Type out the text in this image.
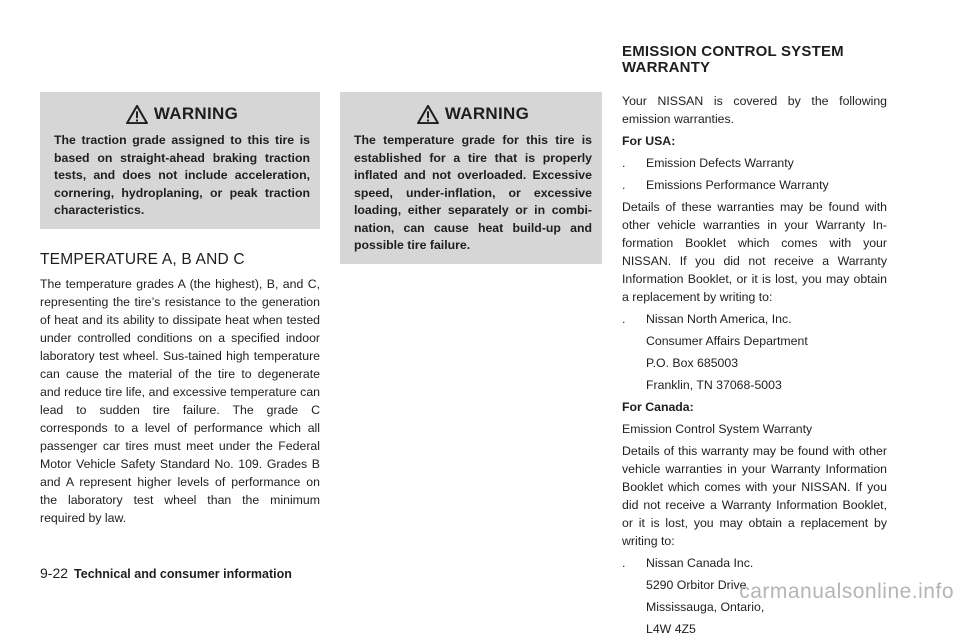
WARNING
The traction grade assigned to this tire is based on straight-ahead braking traction tests, and does not include acceleration, cornering, hydroplaning, or peak traction characteristics.
TEMPERATURE A, B AND C

The temperature grades A (the highest), B, and C, representing the tire’s resistance to the generation of heat and its ability to dissipate heat when tested under controlled conditions on a specified indoor laboratory test wheel. Sus-tained high temperature can cause the material of the tire to degenerate and reduce tire life, and excessive temperature can lead to sudden tire failure. The grade C corresponds to a level of performance which all passenger car tires must meet under the Federal Motor Vehicle Safety Standard No. 109. Grades B and A represent higher levels of performance on the laboratory test wheel than the minimum required by law.

WARNING
The temperature grade for this tire is established for a tire that is properly inflated and not overloaded. Excessive speed, under-inflation, or excessive loading, either separately or in combi-nation, can cause heat build-up and possible tire failure.
EMISSION CONTROL SYSTEM
WARRANTY

Your NISSAN is covered by the following emission warranties.

For USA:
.	Emission Defects Warranty
.	Emissions Performance Warranty

Details of these warranties may be found with other vehicle warranties in your Warranty In-formation Booklet which comes with your NISSAN. If you did not receive a Warranty Information Booklet, or it is lost, you may obtain a replacement by writing to:

.	Nissan North America, Inc.
Consumer Affairs Department
P.O. Box 685003
Franklin, TN 37068-5003
For Canada:

Emission Control System Warranty

Details of this warranty may be found with other vehicle warranties in your Warranty Information Booklet which comes with your NISSAN. If you did not receive a Warranty Information Booklet, or it is lost, you may obtain a replacement by writing to:

.	Nissan Canada Inc.
5290 Orbitor Drive
Mississauga, Ontario,
L4W 4Z5
9-22 Technical and consumer information
carmanualsonline.info
